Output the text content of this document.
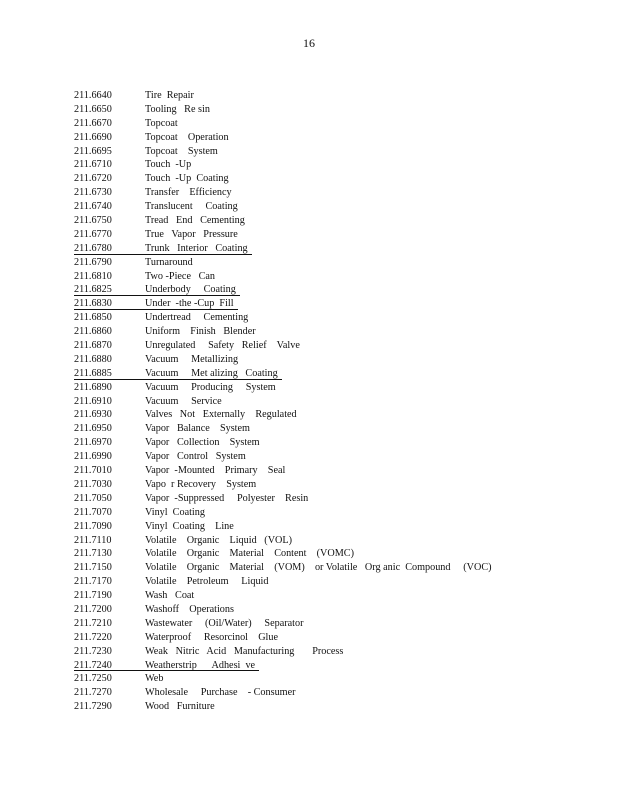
16
211.6640	Tire  Repair
211.6650	Tooling   Re sin
211.6670	Topcoat
211.6690	Topcoat    Operation
211.6695	Topcoat    System
211.6710	Touch  -Up
211.6720	Touch  -Up  Coating
211.6730	Transfer    Efficiency
211.6740	Translucent     Coating
211.6750	Tread   End   Cementing
211.6770	True   Vapor   Pressure
211.6780	Trunk   Interior   Coating
211.6790	Turnaround
211.6810	Two -Piece   Can
211.6825	Underbody     Coating
211.6830	Under  -the -Cup  Fill
211.6850	Undertread     Cementing
211.6860	Uniform    Finish   Blender
211.6870	Unregulated     Safety   Relief    Valve
211.6880	Vacuum     Metallizing
211.6885	Vacuum     Met alizing   Coating
211.6890	Vacuum     Producing     System
211.6910	Vacuum     Service
211.6930	Valves   Not   Externally    Regulated
211.6950	Vapor   Balance    System
211.6970	Vapor   Collection    System
211.6990	Vapor   Control   System
211.7010	Vapor  -Mounted    Primary    Seal
211.7030	Vapo  r Recovery    System
211.7050	Vapor  -Suppressed     Polyester    Resin
211.7070	Vinyl  Coating
211.7090	Vinyl  Coating    Line
211.7110	Volatile    Organic    Liquid   (VOL)
211.7130	Volatile    Organic    Material    Content    (VOMC)
211.7150	Volatile    Organic    Material    (VOM)    or Volatile   Org anic  Compound     (VOC)
211.7170	Volatile    Petroleum     Liquid
211.7190	Wash   Coat
211.7200	Washoff    Operations
211.7210	Wastewater     (Oil/Water)     Separator
211.7220	Waterproof     Resorcinol    Glue
211.7230	Weak   Nitric   Acid   Manufacturing       Process
211.7240	Weatherstrip      Adhesi  ve
211.7250	Web
211.7270	Wholesale     Purchase    - Consumer
211.7290	Wood   Furniture
